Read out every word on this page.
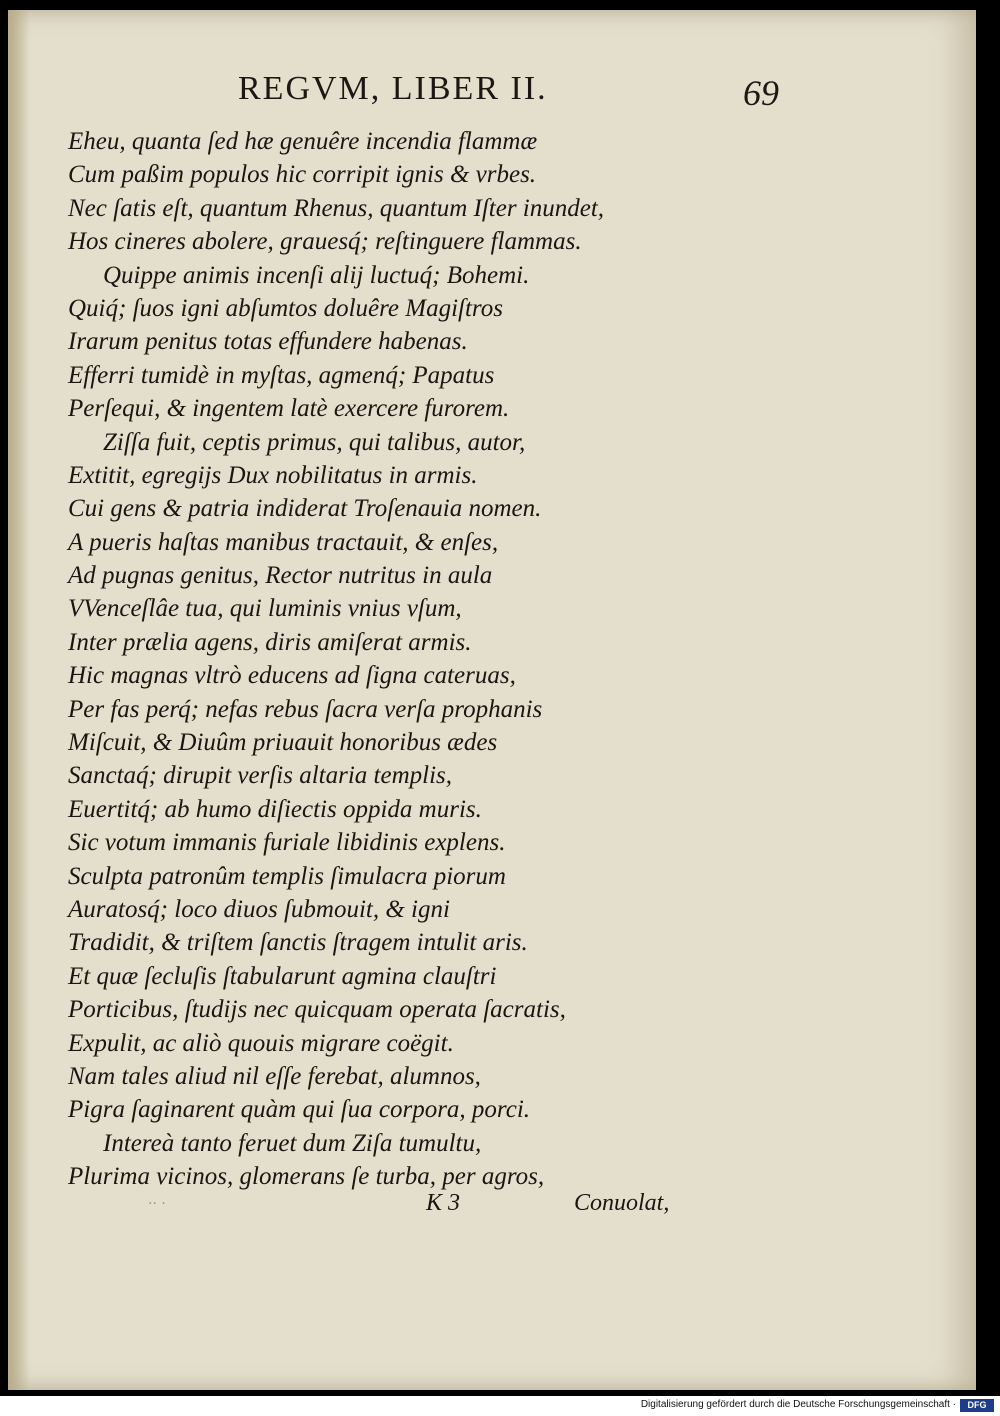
REGVM, LIBER II.	69
Eheu, quanta ſed hæ genuêre incendia flammæ
Cum paßim populos hic corripit ignis & vrbes.
Nec ſatis eſt, quantum Rhenus, quantum Iſter inundet,
Hos cineres abolere, grauesq́; reſtinguere flammas.
Quippe animis incenſi alij luctuq́; Bohemi.
Quiq́; ſuos igni abſumtos doluêre Magiſtros
Irarum penitus totas effundere habenas.
Efferri tumidè in myſtas, agmenq́; Papatus
Perſequi, & ingentem latè exercere furorem.
Ziſſa fuit, ceptis primus, qui talibus, autor,
Extitit, egregijs Dux nobilitatus in armis.
Cui gens & patria indiderat Troſenauia nomen.
A pueris haſtas manibus tractauit, & enſes,
Ad pugnas genitus, Rector nutritus in aula
VVenceſlâe tua, qui luminis vnius vſum,
Inter prælia agens, diris amiſerat armis.
Hic magnas vltrò educens ad ſigna cateruas,
Per fas perq́; nefas rebus ſacra verſa prophanis
Miſcuit, & Diuûm priuauit honoribus ædes
Sanctaq́; dirupit verſis altaria templis,
Euertitq́; ab humo diſiectis oppida muris.
Sic votum immanis furiale libidinis explens.
Sculpta patronûm templis ſimulacra piorum
Auratosq́; loco diuos ſubmouit, & igni
Tradidit, & triſtem ſanctis ſtragem intulit aris.
Et quæ ſecluſis ſtabularunt agmina clauſtri
Porticibus, ſtudijs nec quicquam operata ſacratis,
Expulit, ac aliò quouis migrare coëgit.
Nam tales aliud nil eſſe ferebat, alumnos,
Pigra ſaginarent quàm qui ſua corpora, porci.
Intereà tanto feruet dum Ziſa tumultu,
Plurima vicinos, glomerans ſe turba, per agros,
·· ·	K 3	Conuolat,
Digitalisierung gefördert durch die Deutsche Forschungsgemeinschaft ·	DFG
